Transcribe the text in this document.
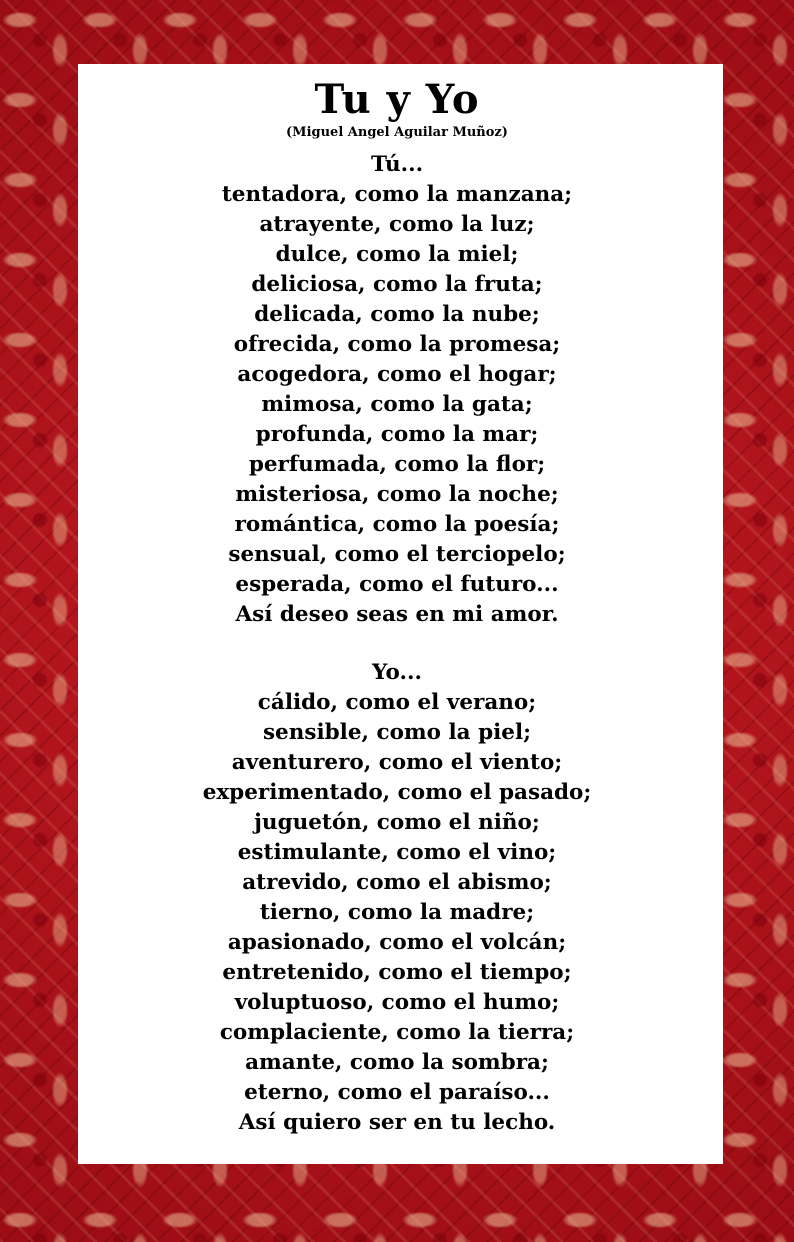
Tu y Yo
(Miguel Angel Aguilar Muñoz)
Tú...
tentadora, como la manzana;
atrayente, como la luz;
dulce, como la miel;
deliciosa, como la fruta;
delicada, como la nube;
ofrecida, como la promesa;
acogedora, como el hogar;
mimosa, como la gata;
profunda, como la mar;
perfumada, como la flor;
misteriosa, como la noche;
romántica, como la poesía;
sensual, como el terciopelo;
esperada, como el futuro...
Así deseo seas en mi amor.
Yo...
cálido, como el verano;
sensible, como la piel;
aventurero, como el viento;
experimentado, como el pasado;
juguetón, como el niño;
estimulante, como el vino;
atrevido, como el abismo;
tierno, como la madre;
apasionado, como el volcán;
entretenido, como el tiempo;
voluptuoso, como el humo;
complaciente, como la tierra;
amante, como la sombra;
eterno, como el paraíso...
Así quiero ser en tu lecho.
